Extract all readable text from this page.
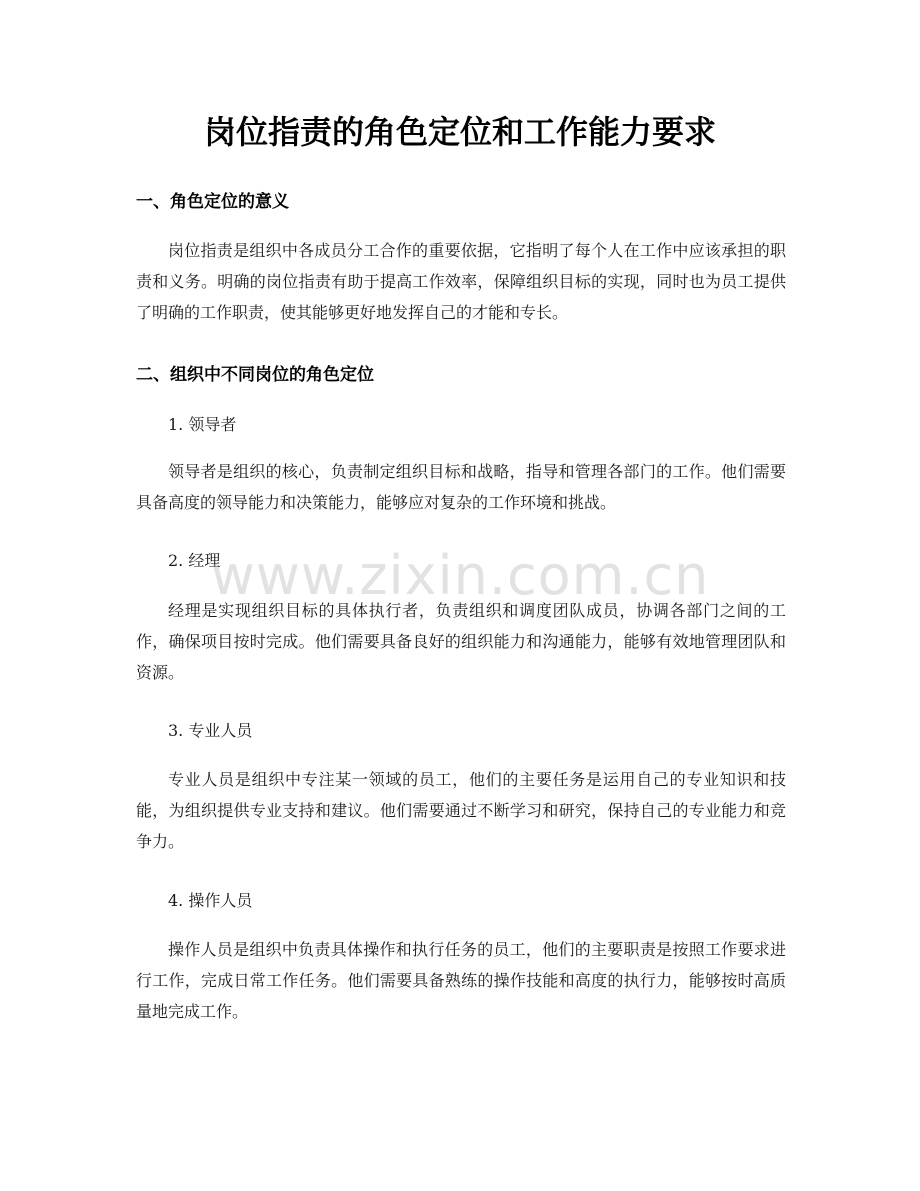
岗位指责的角色定位和工作能力要求
一、角色定位的意义

岗位指责是组织中各成员分工合作的重要依据，它指明了每个人在工作中应该承担的职责和义务。明确的岗位指责有助于提高工作效率，保障组织目标的实现，同时也为员工提供了明确的工作职责，使其能够更好地发挥自己的才能和专长。

二、组织中不同岗位的角色定位

1. 领导者

领导者是组织的核心，负责制定组织目标和战略，指导和管理各部门的工作。他们需要具备高度的领导能力和决策能力，能够应对复杂的工作环境和挑战。

2. 经理

经理是实现组织目标的具体执行者，负责组织和调度团队成员，协调各部门之间的工作，确保项目按时完成。他们需要具备良好的组织能力和沟通能力，能够有效地管理团队和资源。

3. 专业人员

专业人员是组织中专注某一领域的员工，他们的主要任务是运用自己的专业知识和技能，为组织提供专业支持和建议。他们需要通过不断学习和研究，保持自己的专业能力和竞争力。

4. 操作人员

操作人员是组织中负责具体操作和执行任务的员工，他们的主要职责是按照工作要求进行工作，完成日常工作任务。他们需要具备熟练的操作技能和高度的执行力，能够按时高质量地完成工作。

www.zixin.com.cn
